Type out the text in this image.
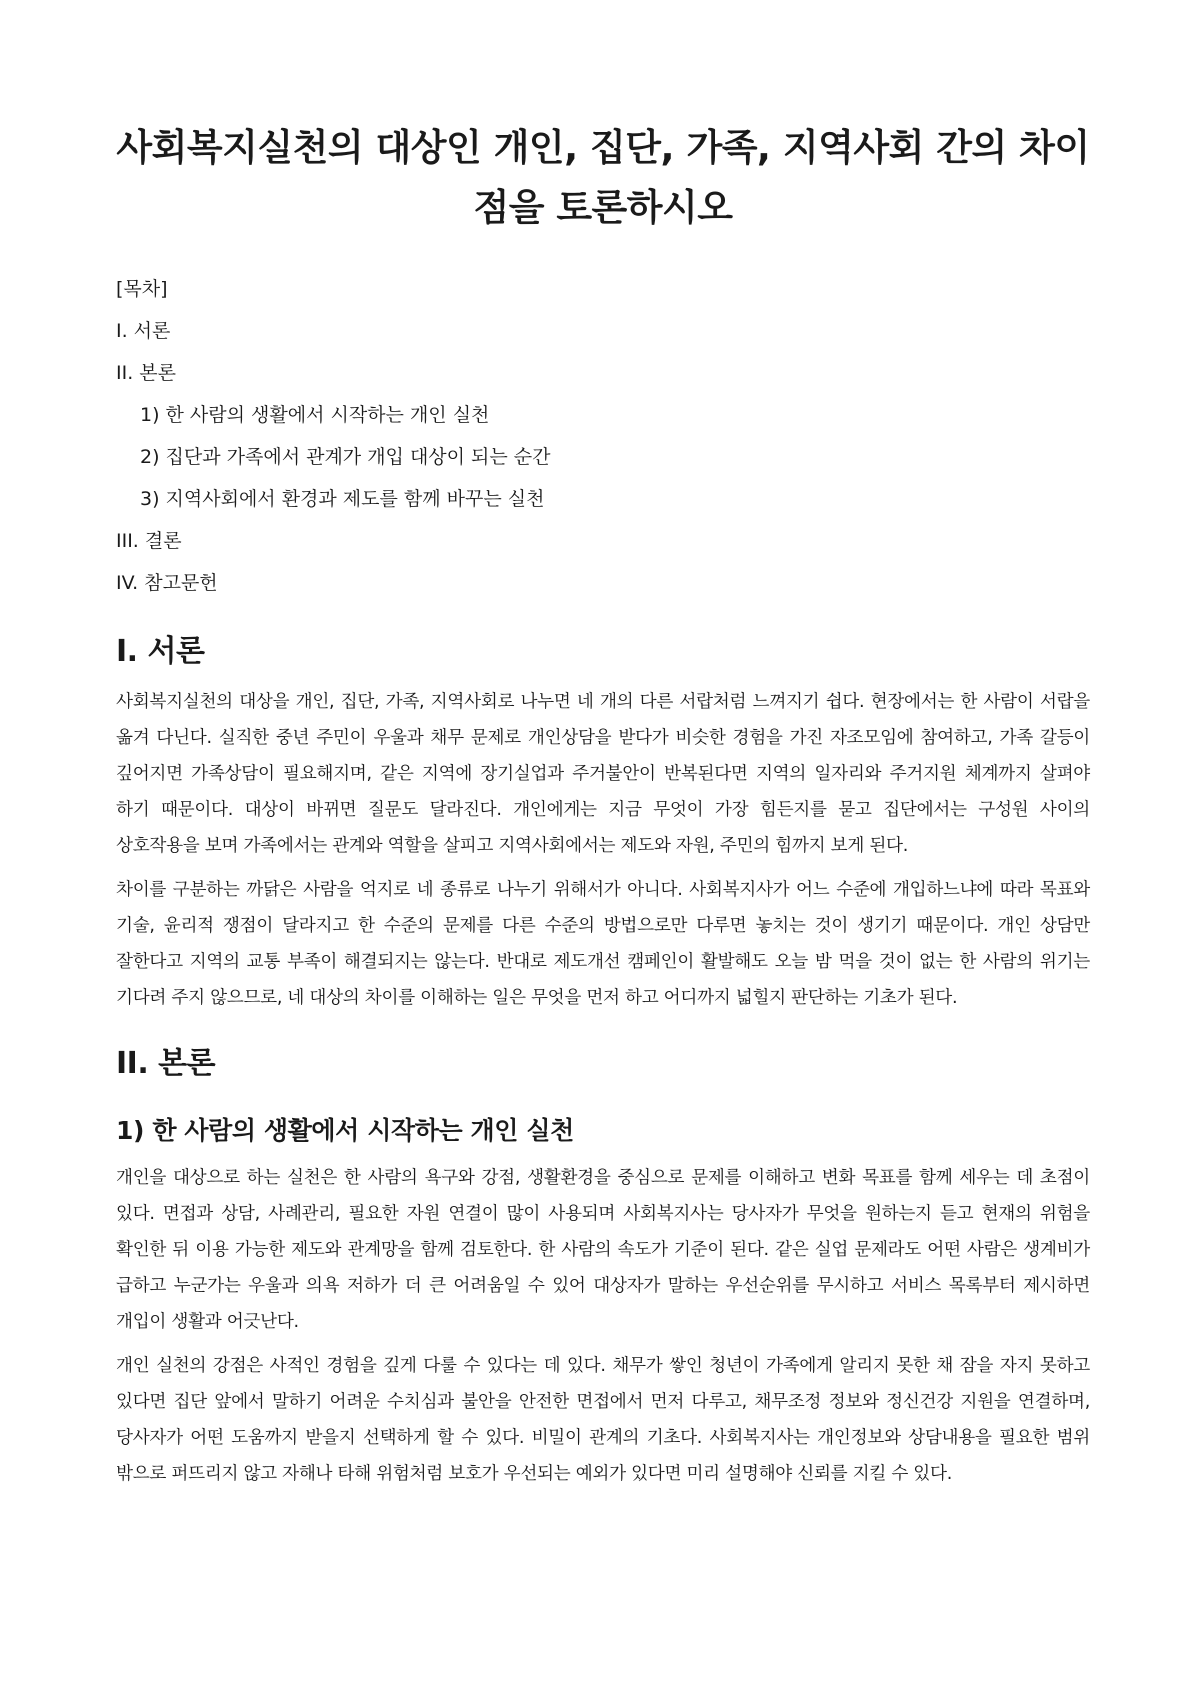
사회복지실천의 대상인 개인, 집단, 가족, 지역사회 간의 차이점을 토론하시오
[목차]
I. 서론
II. 본론
1) 한 사람의 생활에서 시작하는 개인 실천
2) 집단과 가족에서 관계가 개입 대상이 되는 순간
3) 지역사회에서 환경과 제도를 함께 바꾸는 실천
III. 결론
IV. 참고문헌
I. 서론

사회복지실천의 대상을 개인, 집단, 가족, 지역사회로 나누면 네 개의 다른 서랍처럼 느껴지기 쉽다. 현장에서는 한 사람이 서랍을 옮겨 다닌다. 실직한 중년 주민이 우울과 채무 문제로 개인상담을 받다가 비슷한 경험을 가진 자조모임에 참여하고, 가족 갈등이 깊어지면 가족상담이 필요해지며, 같은 지역에 장기실업과 주거불안이 반복된다면 지역의 일자리와 주거지원 체계까지 살펴야 하기 때문이다. 대상이 바뀌면 질문도 달라진다. 개인에게는 지금 무엇이 가장 힘든지를 묻고 집단에서는 구성원 사이의 상호작용을 보며 가족에서는 관계와 역할을 살피고 지역사회에서는 제도와 자원, 주민의 힘까지 보게 된다.

차이를 구분하는 까닭은 사람을 억지로 네 종류로 나누기 위해서가 아니다. 사회복지사가 어느 수준에 개입하느냐에 따라 목표와 기술, 윤리적 쟁점이 달라지고 한 수준의 문제를 다른 수준의 방법으로만 다루면 놓치는 것이 생기기 때문이다. 개인 상담만 잘한다고 지역의 교통 부족이 해결되지는 않는다. 반대로 제도개선 캠페인이 활발해도 오늘 밤 먹을 것이 없는 한 사람의 위기는 기다려 주지 않으므로, 네 대상의 차이를 이해하는 일은 무엇을 먼저 하고 어디까지 넓힐지 판단하는 기초가 된다.

II. 본론
1) 한 사람의 생활에서 시작하는 개인 실천

개인을 대상으로 하는 실천은 한 사람의 욕구와 강점, 생활환경을 중심으로 문제를 이해하고 변화 목표를 함께 세우는 데 초점이 있다. 면접과 상담, 사례관리, 필요한 자원 연결이 많이 사용되며 사회복지사는 당사자가 무엇을 원하는지 듣고 현재의 위험을 확인한 뒤 이용 가능한 제도와 관계망을 함께 검토한다. 한 사람의 속도가 기준이 된다. 같은 실업 문제라도 어떤 사람은 생계비가 급하고 누군가는 우울과 의욕 저하가 더 큰 어려움일 수 있어 대상자가 말하는 우선순위를 무시하고 서비스 목록부터 제시하면 개입이 생활과 어긋난다.

개인 실천의 강점은 사적인 경험을 깊게 다룰 수 있다는 데 있다. 채무가 쌓인 청년이 가족에게 알리지 못한 채 잠을 자지 못하고 있다면 집단 앞에서 말하기 어려운 수치심과 불안을 안전한 면접에서 먼저 다루고, 채무조정 정보와 정신건강 지원을 연결하며, 당사자가 어떤 도움까지 받을지 선택하게 할 수 있다. 비밀이 관계의 기초다. 사회복지사는 개인정보와 상담내용을 필요한 범위 밖으로 퍼뜨리지 않고 자해나 타해 위험처럼 보호가 우선되는 예외가 있다면 미리 설명해야 신뢰를 지킬 수 있다.
